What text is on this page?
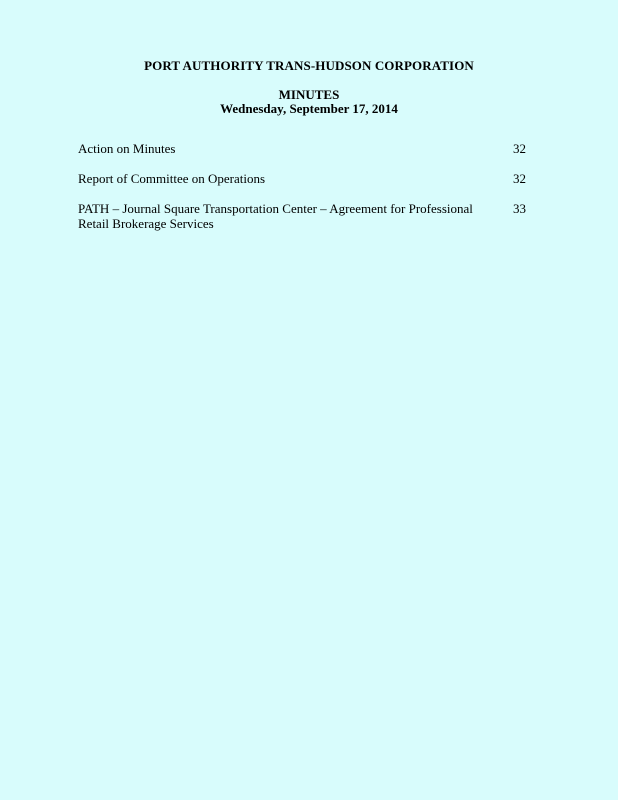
PORT AUTHORITY TRANS-HUDSON CORPORATION
MINUTES
Wednesday, September 17, 2014
Action on Minutes	32
Report of Committee on Operations	32
PATH – Journal Square Transportation Center – Agreement for Professional Retail Brokerage Services
33
